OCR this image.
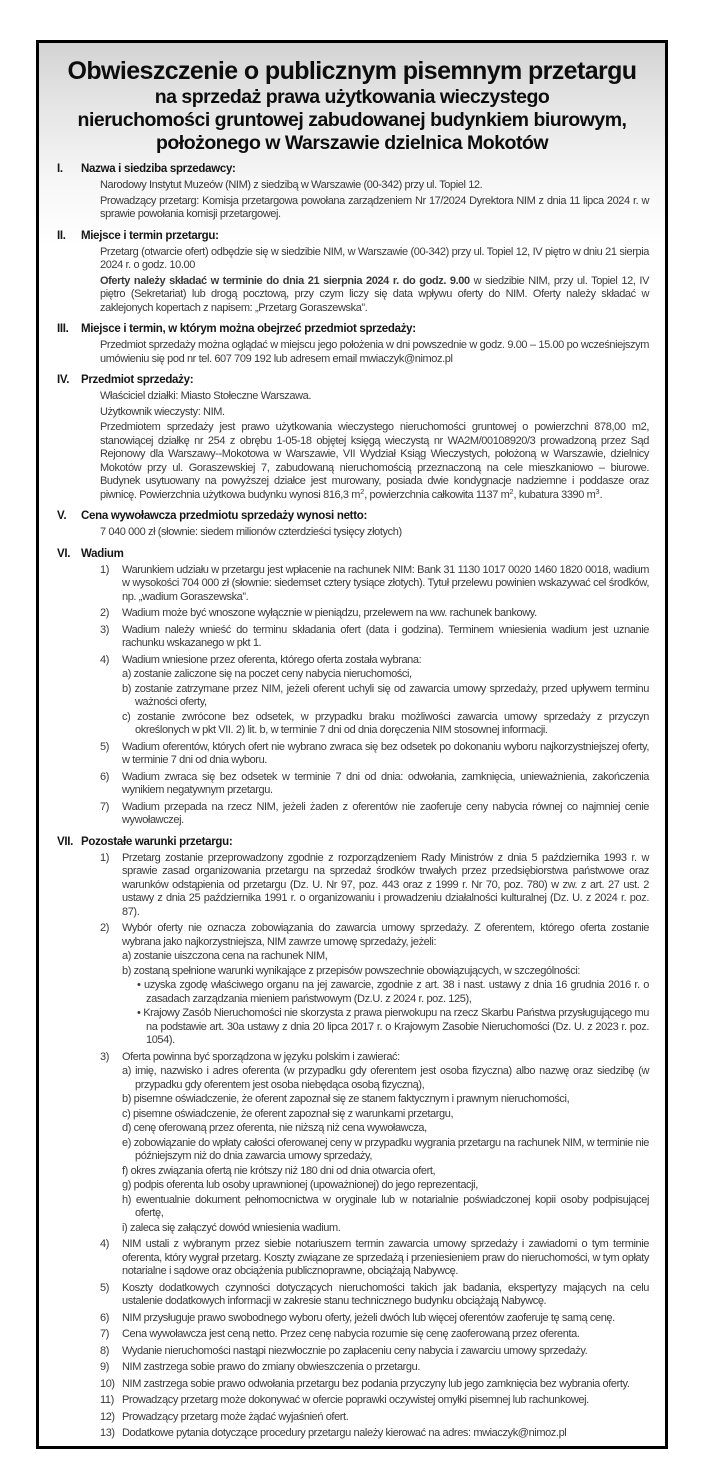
Obwieszczenie o publicznym pisemnym przetargu
na sprzedaż prawa użytkowania wieczystego
nieruchomości gruntowej zabudowanej budynkiem biurowym,
położonego w Warszawie dzielnica Mokotów
I.	Nazwa i siedziba sprzedawcy:
Narodowy Instytut Muzeów (NIM) z siedzibą w Warszawie (00-342) przy ul. Topiel 12.
Prowadzący przetarg: Komisja przetargowa powołana zarządzeniem Nr 17/2024 Dyrektora NIM z dnia 11 lipca 2024 r. w sprawie powołania komisji przetargowej.
II.	Miejsce i termin przetargu:
Przetarg (otwarcie ofert) odbędzie się w siedzibie NIM, w Warszawie (00-342) przy ul. Topiel 12, IV piętro w dniu 21 sierpia 2024 r. o godz. 10.00
Oferty należy składać w terminie do dnia 21 sierpnia 2024 r. do godz. 9.00 w siedzibie NIM, przy ul. Topiel 12, IV piętro (Sekretariat) lub drogą pocztową, przy czym liczy się data wpływu oferty do NIM. Oferty należy składać w zaklejonych kopertach z napisem: „Przetarg Goraszewska”.
III.	Miejsce i termin, w którym można obejrzeć przedmiot sprzedaży:
Przedmiot sprzedaży można oglądać w miejscu jego położenia w dni powszednie w godz. 9.00 – 15.00 po wcześniejszym umówieniu się pod nr tel. 607 709 192 lub adresem email mwiaczyk@nimoz.pl
IV.	Przedmiot sprzedaży:
Właściciel działki: Miasto Stołeczne Warszawa.
Użytkownik wieczysty: NIM.
Przedmiotem sprzedaży jest prawo użytkowania wieczystego nieruchomości gruntowej o powierzchni 878,00 m2, stanowiącej działkę nr 254 z obrębu 1-05-18 objętej księgą wieczystą nr WA2M/00108920/3 prowadzoną przez Sąd Rejonowy dla Warszawy--Mokotowa w Warszawie, VII Wydział Ksiąg Wieczystych, położoną w Warszawie, dzielnicy Mokotów przy ul. Goraszewskiej 7, zabudowaną nieruchomością przeznaczoną na cele mieszkaniowo – biurowe. Budynek usytuowany na powyższej działce jest murowany, posiada dwie kondygnacje nadziemne i poddasze oraz piwnicę. Powierzchnia użytkowa budynku wynosi 816,3 $m^2$, powierzchnia całkowita 1137 $m^2$, kubatura 3390 $m^3$.
V.	Cena wywoławcza przedmiotu sprzedaży wynosi netto:
7 040 000 zł (słownie: siedem milionów czterdzieści tysięcy złotych)
VI. Wadium
1)	Warunkiem udziału w przetargu jest wpłacenie na rachunek NIM: Bank 31 1130 1017 0020 1460 1820 0018, wadium w wysokości 704 000 zł (słownie: siedemset cztery tysiące złotych). Tytuł przelewu powinien wskazywać cel środków, np. „wadium Goraszewska”.
2)	Wadium może być wnoszone wyłącznie w pieniądzu, przelewem na ww. rachunek bankowy.
3)	Wadium należy wnieść do terminu składania ofert (data i godzina). Terminem wniesienia wadium jest uznanie rachunku wskazanego w pkt 1.
4)	Wadium wniesione przez oferenta, którego oferta została wybrana:
a) zostanie zaliczone się na poczet ceny nabycia nieruchomości,
b) zostanie zatrzymane przez NIM, jeżeli oferent uchyli się od zawarcia umowy sprzedaży, przed upływem terminu ważności oferty,
c) zostanie zwrócone bez odsetek, w przypadku braku możliwości zawarcia umowy sprzedaży z przyczyn określonych w pkt VII. 2) lit. b, w terminie 7 dni od dnia doręczenia NIM stosownej informacji.
5)	Wadium oferentów, których ofert nie wybrano zwraca się bez odsetek po dokonaniu wyboru najkorzystniejszej oferty, w terminie 7 dni od dnia wyboru.
6)	Wadium zwraca się bez odsetek w terminie 7 dni od dnia: odwołania, zamknięcia, unieważnienia, zakończenia wynikiem negatywnym przetargu.
7)	Wadium przepada na rzecz NIM, jeżeli żaden z oferentów nie zaoferuje ceny nabycia równej co najmniej cenie wywoławczej.
VII. Pozostałe warunki przetargu:
1)	Przetarg zostanie przeprowadzony zgodnie z rozporządzeniem Rady Ministrów z dnia 5 października 1993 r. w sprawie zasad organizowania przetargu na sprzedaż środków trwałych przez przedsiębiorstwa państwowe oraz warunków odstąpienia od przetargu (Dz. U. Nr 97, poz. 443 oraz z 1999 r. Nr 70, poz. 780) w zw. z art. 27 ust. 2 ustawy z dnia 25 października 1991 r. o organizowaniu i prowadzeniu działalności kulturalnej (Dz. U. z 2024 r. poz. 87).
2)	Wybór oferty nie oznacza zobowiązania do zawarcia umowy sprzedaży. Z oferentem, którego oferta zostanie wybrana jako najkorzystniejsza, NIM zawrze umowę sprzedaży, jeżeli:
a) zostanie uiszczona cena na rachunek NIM,
b) zostaną spełnione warunki wynikające z przepisów powszechnie obowiązujących, w szczególności:
• uzyska zgodę właściwego organu na jej zawarcie, zgodnie z art. 38 i nast. ustawy z dnia 16 grudnia 2016 r. o zasadach zarządzania mieniem państwowym (Dz.U. z 2024 r. poz. 125),
• Krajowy Zasób Nieruchomości nie skorzysta z prawa pierwokupu na rzecz Skarbu Państwa przysługującego mu na podstawie art. 30a ustawy z dnia 20 lipca 2017 r. o Krajowym Zasobie Nieruchomości (Dz. U. z 2023 r. poz. 1054).
3)	Oferta powinna być sporządzona w języku polskim i zawierać:
a) imię, nazwisko i adres oferenta (w przypadku gdy oferentem jest osoba fizyczna) albo nazwę oraz siedzibę (w przypadku gdy oferentem jest osoba niebędąca osobą fizyczną),
b) pisemne oświadczenie, że oferent zapoznał się ze stanem faktycznym i prawnym nieruchomości,
c) pisemne oświadczenie, że oferent zapoznał się z warunkami przetargu,
d) cenę oferowaną przez oferenta, nie niższą niż cena wywoławcza,
e) zobowiązanie do wpłaty całości oferowanej ceny w przypadku wygrania przetargu na rachunek NIM, w terminie nie późniejszym niż do dnia zawarcia umowy sprzedaży,
f) okres związania ofertą nie krótszy niż 180 dni od dnia otwarcia ofert,
g) podpis oferenta lub osoby uprawnionej (upoważnionej) do jego reprezentacji,
h) ewentualnie dokument pełnomocnictwa w oryginale lub w notarialnie poświadczonej kopii osoby podpisującej ofertę,
i) zaleca się załączyć dowód wniesienia wadium.
4)	NIM ustali z wybranym przez siebie notariuszem termin zawarcia umowy sprzedaży i zawiadomi o tym terminie oferenta, który wygrał przetarg. Koszty związane ze sprzedażą i przeniesieniem praw do nieruchomości, w tym opłaty notarialne i sądowe oraz obciążenia publicznoprawne, obciążają Nabywcę.
5)	Koszty dodatkowych czynności dotyczących nieruchomości takich jak badania, ekspertyzy mających na celu ustalenie dodatkowych informacji w zakresie stanu technicznego budynku obciążają Nabywcę.
6)	NIM przysługuje prawo swobodnego wyboru oferty, jeżeli dwóch lub więcej oferentów zaoferuje tę samą cenę.
7)	Cena wywoławcza jest ceną netto. Przez cenę nabycia rozumie się cenę zaoferowaną przez oferenta.
8)	Wydanie nieruchomości nastąpi niezwłocznie po zapłaceniu ceny nabycia i zawarciu umowy sprzedaży.
9)	NIM zastrzega sobie prawo do zmiany obwieszczenia o przetargu.
10) NIM zastrzega sobie prawo odwołania przetargu bez podania przyczyny lub jego zamknięcia bez wybrania oferty.
11) Prowadzący przetarg może dokonywać w ofercie poprawki oczywistej omyłki pisemnej lub rachunkowej.
12) Prowadzący przetarg może żądać wyjaśnień ofert.
13) Dodatkowe pytania dotyczące procedury przetargu należy kierować na adres: mwiaczyk@nimoz.pl
